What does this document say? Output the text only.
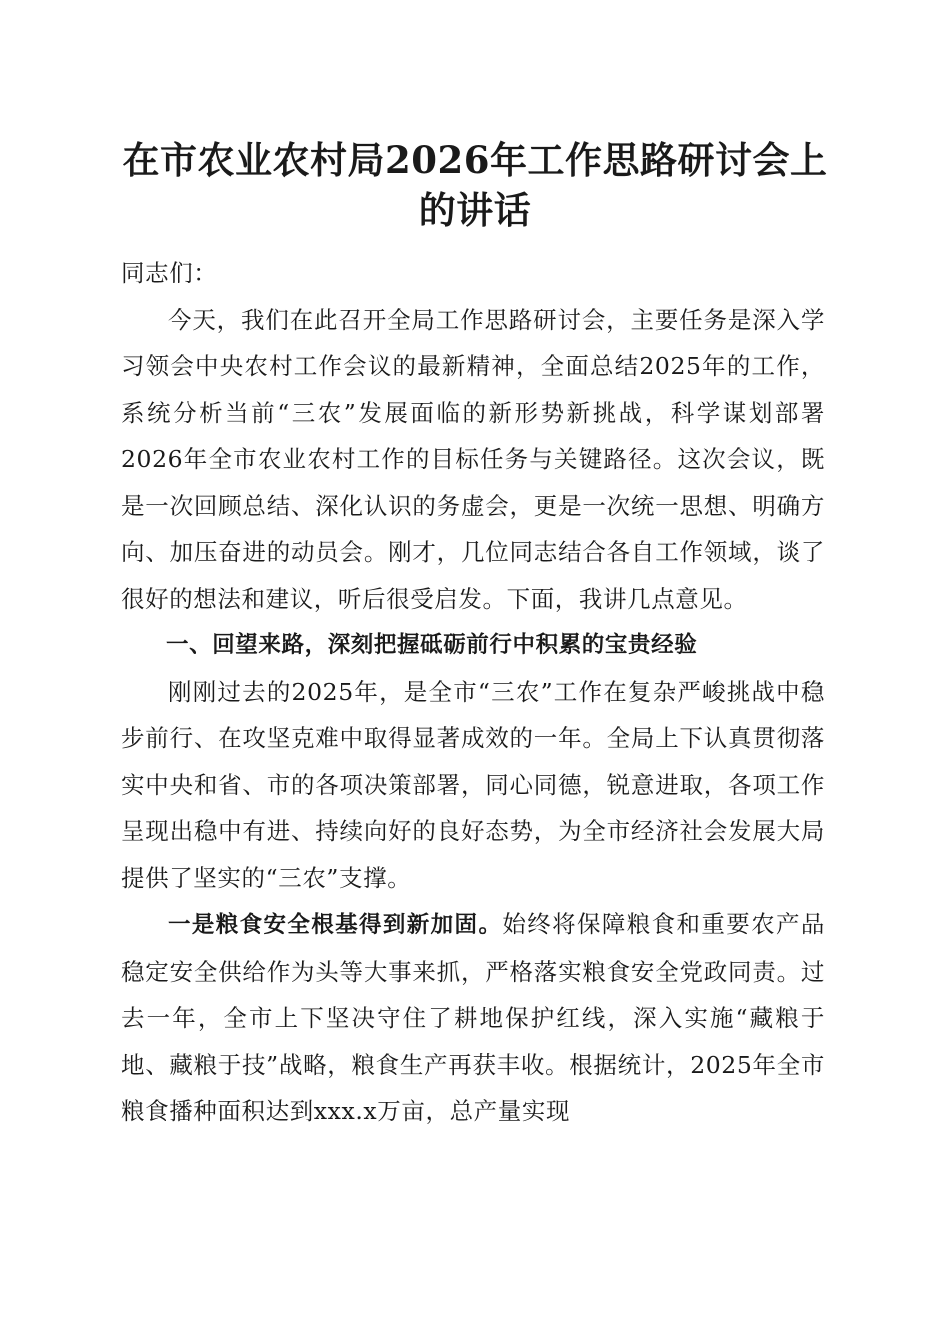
在市农业农村局2026年工作思路研讨会上的讲话

同志们：

今天，我们在此召开全局工作思路研讨会，主要任务是深入学习领会中央农村工作会议的最新精神，全面总结2025年的工作，系统分析当前“三农”发展面临的新形势新挑战，科学谋划部署2026年全市农业农村工作的目标任务与关键路径。这次会议，既是一次回顾总结、深化认识的务虚会，更是一次统一思想、明确方向、加压奋进的动员会。刚才，几位同志结合各自工作领域，谈了很好的想法和建议，听后很受启发。下面，我讲几点意见。

一、回望来路，深刻把握砥砺前行中积累的宝贵经验

刚刚过去的2025年，是全市“三农”工作在复杂严峻挑战中稳步前行、在攻坚克难中取得显著成效的一年。全局上下认真贯彻落实中央和省、市的各项决策部署，同心同德，锐意进取，各项工作呈现出稳中有进、持续向好的良好态势，为全市经济社会发展大局提供了坚实的“三农”支撑。

一是粮食安全根基得到新加固。始终将保障粮食和重要农产品稳定安全供给作为头等大事来抓，严格落实粮食安全党政同责。过去一年，全市上下坚决守住了耕地保护红线，深入实施“藏粮于地、藏粮于技”战略，粮食生产再获丰收。根据统计，2025年全市粮食播种面积达到xxx.x万亩，总产量实现
